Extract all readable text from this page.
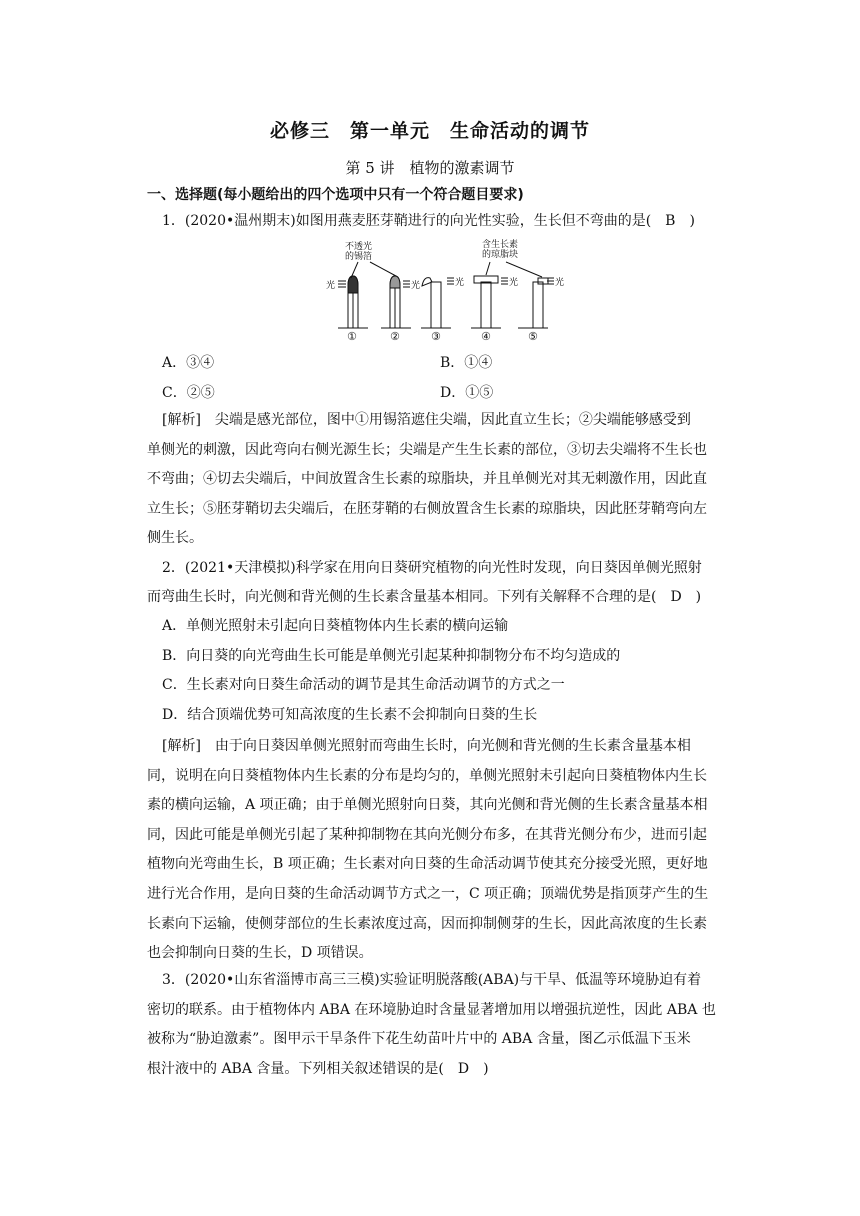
必修三　第一单元　生命活动的调节
第 5 讲　植物的激素调节
一、选择题(每小题给出的四个选项中只有一个符合题目要求)
1．(2020•温州期末)如图用燕麦胚芽鞘进行的向光性实验，生长但不弯曲的是(　B　)
不透光
的锡箔
含生长素
的琼脂块
光	光	光	光	光
①	②	③	④	⑤
A．③④	B．①④
C．②⑤	D．①⑤

[解析]　尖端是感光部位，图中①用锡箔遮住尖端，因此直立生长；②尖端能够感受到

单侧光的刺激，因此弯向右侧光源生长；尖端是产生生长素的部位，③切去尖端将不生长也

不弯曲；④切去尖端后，中间放置含生长素的琼脂块，并且单侧光对其无刺激作用，因此直

立生长；⑤胚芽鞘切去尖端后，在胚芽鞘的右侧放置含生长素的琼脂块，因此胚芽鞘弯向左

侧生长。

2．(2021•天津模拟)科学家在用向日葵研究植物的向光性时发现，向日葵因单侧光照射
而弯曲生长时，向光侧和背光侧的生长素含量基本相同。下列有关解释不合理的是(　D　)
A．单侧光照射未引起向日葵植物体内生长素的横向运输
B．向日葵的向光弯曲生长可能是单侧光引起某种抑制物分布不均匀造成的
C．生长素对向日葵生命活动的调节是其生命活动调节的方式之一
D．结合顶端优势可知高浓度的生长素不会抑制向日葵的生长

[解析]　由于向日葵因单侧光照射而弯曲生长时，向光侧和背光侧的生长素含量基本相

同，说明在向日葵植物体内生长素的分布是均匀的，单侧光照射未引起向日葵植物体内生长

素的横向运输，A 项正确；由于单侧光照射向日葵，其向光侧和背光侧的生长素含量基本相

同，因此可能是单侧光引起了某种抑制物在其向光侧分布多，在其背光侧分布少，进而引起

植物向光弯曲生长，B 项正确；生长素对向日葵的生命活动调节使其充分接受光照，更好地

进行光合作用，是向日葵的生命活动调节方式之一，C 项正确；顶端优势是指顶芽产生的生

长素向下运输，使侧芽部位的生长素浓度过高，因而抑制侧芽的生长，因此高浓度的生长素

也会抑制向日葵的生长，D 项错误。

3．(2020•山东省淄博市高三三模)实验证明脱落酸(ABA)与干旱、低温等环境胁迫有着

密切的联系。由于植物体内 ABA 在环境胁迫时含量显著增加用以增强抗逆性，因此 ABA 也

被称为“胁迫激素”。图甲示干旱条件下花生幼苗叶片中的 ABA 含量，图乙示低温下玉米

根汁液中的 ABA 含量。下列相关叙述错误的是(　D　)
